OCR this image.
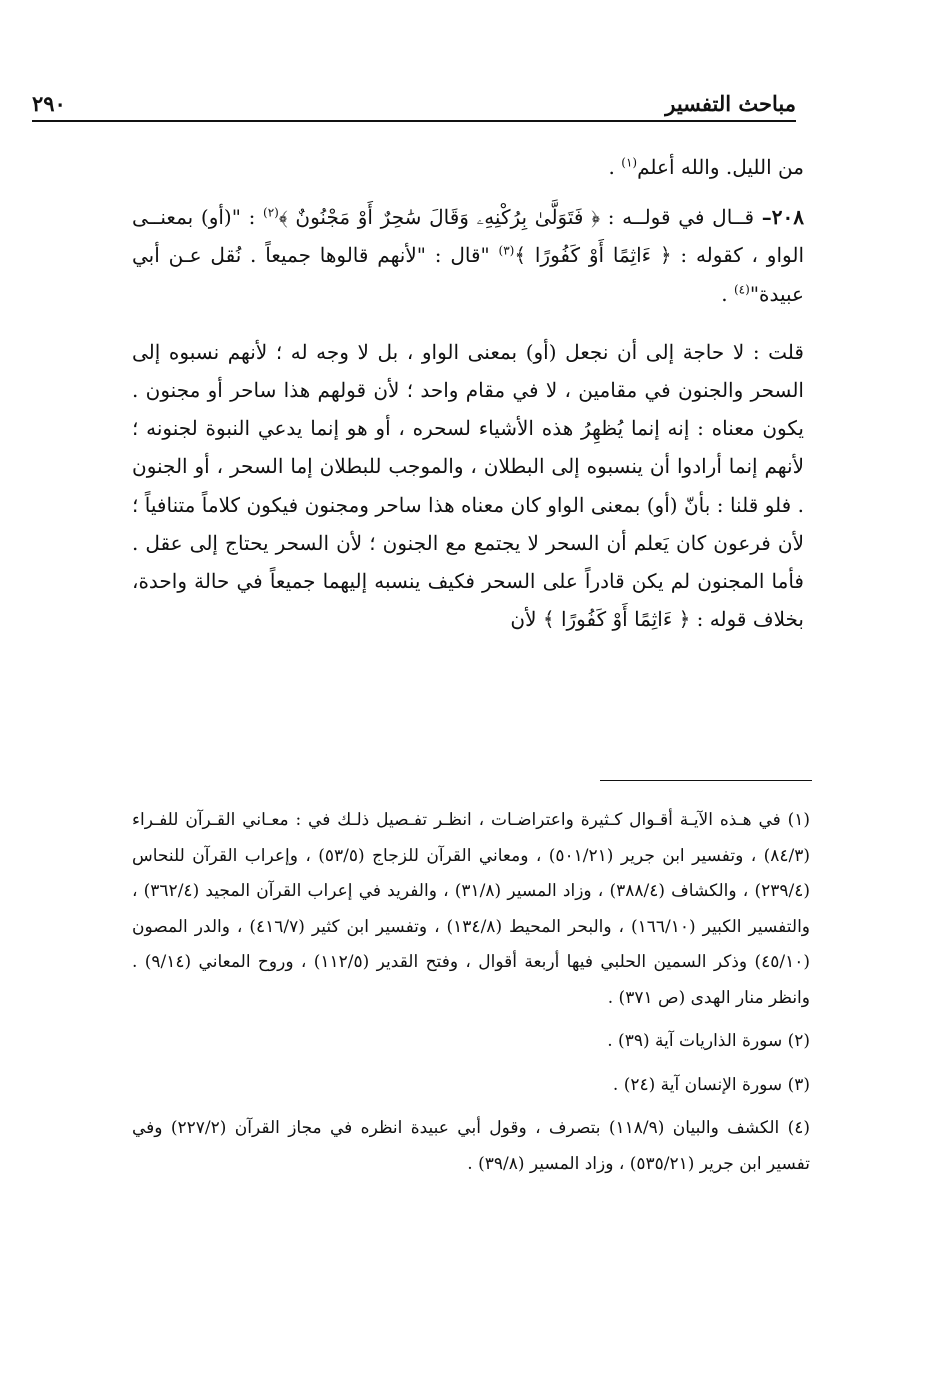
٢٩٠	مباحث التفسير

من الليل. والله أعلم$^{(١)}$ .

٢٠٨– قــال في قولــه : ﴿ فَتَوَلَّىٰ بِرُكْنِهِۦ وَقَالَ سَٰحِرٌ أَوْ مَجْنُونٌ ﴾$^{(٢)}$ : "(أو) بمعنــى الواو ، كقوله : ﴿ ءَاثِمًا أَوْ كَفُورًا ﴾$^{(٣)}$ "قال : "لأنهم قالوها جميعاً . نُقل عـن أبي عبيدة"$^{(٤)}$ .

قلت : لا حاجة إلى أن نجعل (أو) بمعنى الواو ، بل لا وجه له ؛ لأنهم نسبوه إلى السحر والجنون في مقامين ، لا في مقام واحد ؛ لأن قولهم هذا ساحر أو مجنون . يكون معناه : إنه إنما يُظهِرُ هذه الأشياء لسحره ، أو هو إنما يدعي النبوة لجنونه ؛ لأنهم إنما أرادوا أن ينسبوه إلى البطلان ، والموجب للبطلان إما السحر ، أو الجنون . فلو قلنا : بأنّ (أو) بمعنى الواو كان معناه هذا ساحر ومجنون فيكون كلاماً متنافياً ؛ لأن فرعون كان يَعلم أن السحر لا يجتمع مع الجنون ؛ لأن السحر يحتاج إلى عقل . فأما المجنون لم يكن قادراً على السحر فكيف ينسبه إليهما جميعاً في حالة واحدة، بخلاف قوله : ﴿ ءَاثِمًا أَوْ كَفُورًا ﴾ لأن

(١) في هـذه الآيـة أقـوال كـثيرة واعتراضـات ، انظـر تفـصيل ذلـك في : معـاني القـرآن للفـراء (٨٤/٣) ، وتفسير ابن جرير (٥٠١/٢١) ، ومعاني القرآن للزجاج (٥٣/٥) ، وإعراب القرآن للنحاس (٢٣٩/٤) ، والكشاف (٣٨٨/٤) ، وزاد المسير (٣١/٨) ، والفريد في إعراب القرآن المجيد (٣٦٢/٤) ، والتفسير الكبير (١٦٦/١٠) ، والبحر المحيط (١٣٤/٨) ، وتفسير ابن كثير (٤١٦/٧) ، والدر المصون (٤٥/١٠) وذكر السمين الحلبي فيها أربعة أقوال ، وفتح القدير (١١٢/٥) ، وروح المعاني (٩/١٤) . وانظر منار الهدى (ص ٣٧١) .

(٢) سورة الذاريات آية (٣٩) .

(٣) سورة الإنسان آية (٢٤) .

(٤) الكشف والبيان (١١٨/٩) بتصرف ، وقول أبي عبيدة انظره في مجاز القرآن (٢٢٧/٢) وفي تفسير ابن جرير (٥٣٥/٢١) ، وزاد المسير (٣٩/٨) .
